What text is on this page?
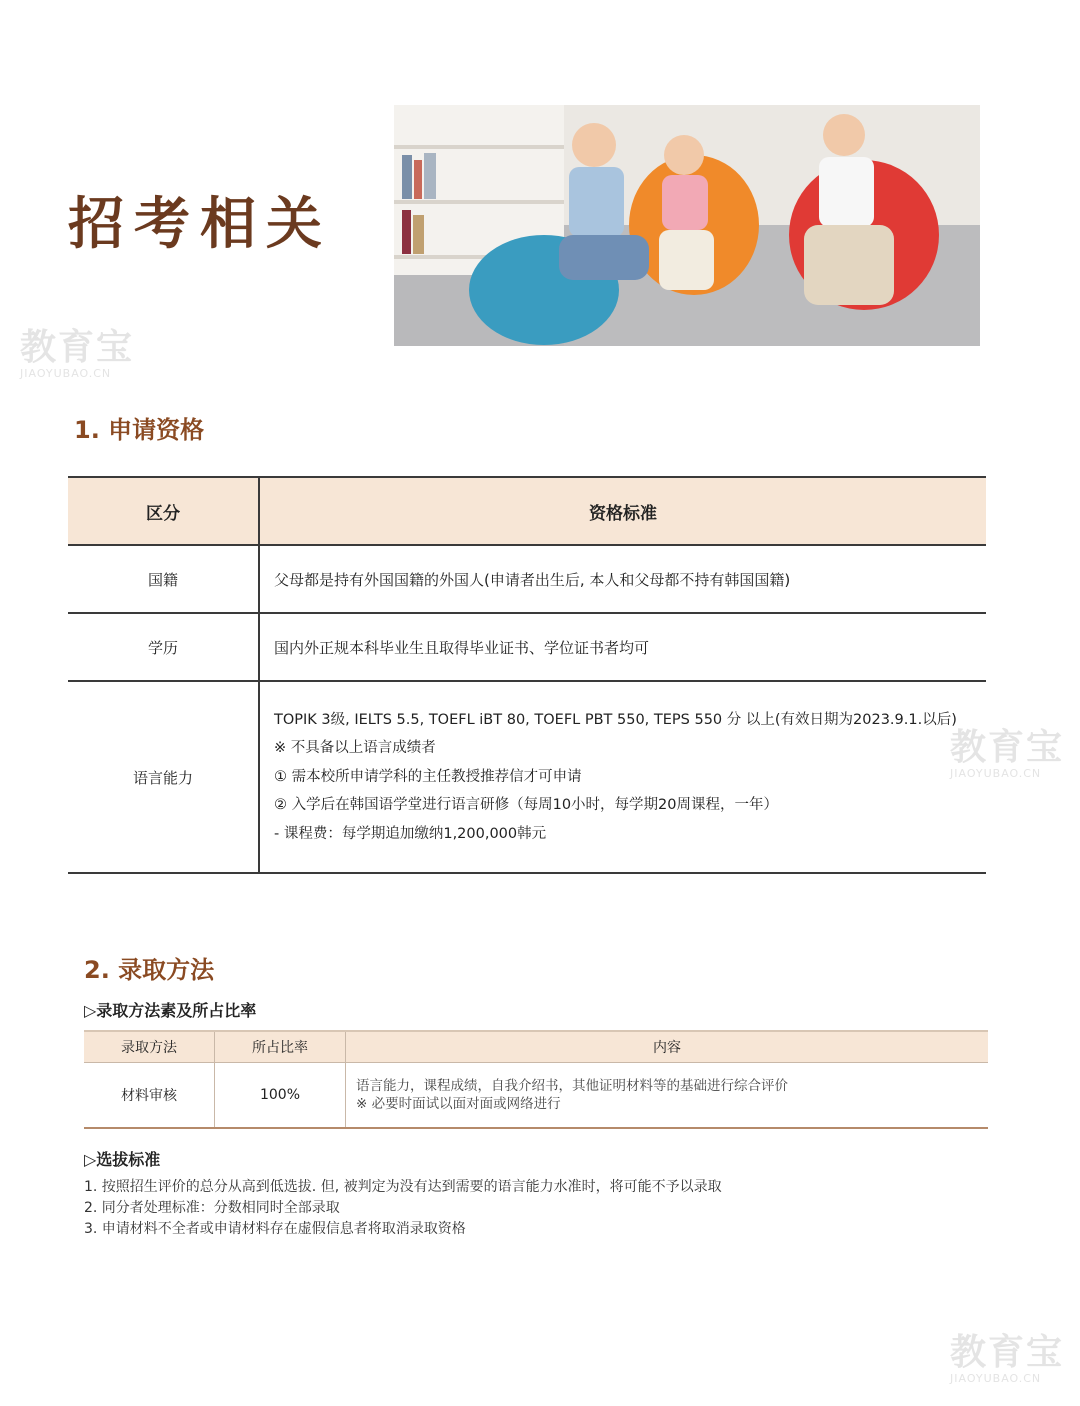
招考相关
教育宝
JIAOYUBAO.CN
教育宝
JIAOYUBAO.CN
教育宝
JIAOYUBAO.CN
1. 申请资格
区分	资格标准
国籍	父母都是持有外国国籍的外国人(申请者出生后, 本人和父母都不持有韩国国籍)
学历	国内外正规本科毕业生且取得毕业证书、学位证书者均可
语言能力	TOPIK 3级, IELTS 5.5, TOEFL iBT 80, TOEFL PBT 550, TEPS 550 分 以上(有效日期为2023.9.1.以后)
※ 不具备以上语言成绩者
① 需本校所申请学科的主任教授推荐信才可申请
② 入学后在韩国语学堂进行语言研修（每周10小时，每学期20周课程，一年）
- 课程费：每学期追加缴纳1,200,000韩元
2. 录取方法
▷录取方法素及所占比率
录取方法	所占比率	内容
材料审核	100%	语言能力，课程成绩，自我介绍书，其他证明材料等的基础进行综合评价
※ 必要时面试以面对面或网络进行
▷选拔标准
1. 按照招生评价的总分从高到低选拔. 但, 被判定为没有达到需要的语言能力水准时，将可能不予以录取
2. 同分者处理标准：分数相同时全部录取
3. 申请材料不全者或申请材料存在虚假信息者将取消录取资格
